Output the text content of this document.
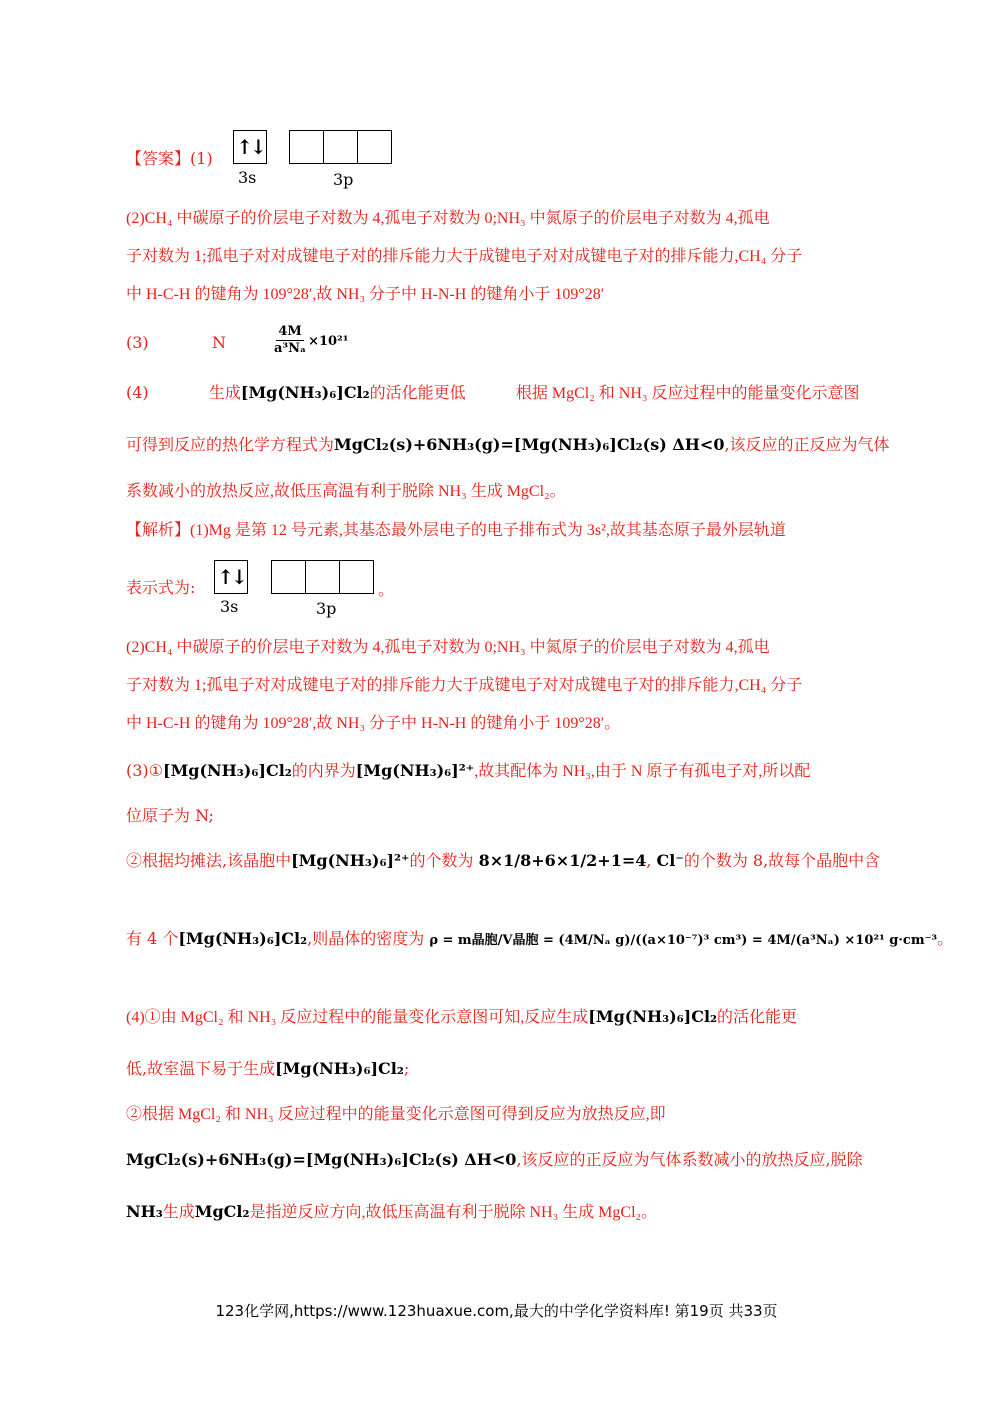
【答案】(1) ↑↓
3s	3p
(2)CH₄ 中碳原子的价层电子对数为 4,孤电子对数为 0;NH₃ 中氮原子的价层电子对数为 4,孤电
子对数为 1;孤电子对对成键电子对的排斥能力大于成键电子对对成键电子对的排斥能力,CH₄ 分子
中 H-C-H 的键角为 109°28′,故 NH₃ 分子中 H-N-H 的键角小于 109°28′
(3)	N	$\frac{4M}{\text{a³Nₐ}} \times 10^{21}$
(4)	生成[Mg(NH₃)₆]Cl₂的活化能更低	根据 MgCl₂ 和 NH₃ 反应过程中的能量变化示意图
可得到反应的热化学方程式为MgCl₂(s)+6NH₃(g)=[Mg(NH₃)₆]Cl₂(s) ΔH<0,该反应的正反应为气体
系数减小的放热反应,故低压高温有利于脱除 NH₃ 生成 MgCl₂。
【解析】(1)Mg 是第 12 号元素,其基态最外层电子的电子排布式为 3s²,故其基态原子最外层轨道
表示式为: ↑↓
。
3s	3p
(2)CH₄ 中碳原子的价层电子对数为 4,孤电子对数为 0;NH₃ 中氮原子的价层电子对数为 4,孤电
子对数为 1;孤电子对对成键电子对的排斥能力大于成键电子对对成键电子对的排斥能力,CH₄ 分子
中 H-C-H 的键角为 109°28′,故 NH₃ 分子中 H-N-H 的键角小于 109°28′。
(3)①[Mg(NH₃)₆]Cl₂的内界为[Mg(NH₃)₆]²⁺,故其配体为 NH₃,由于 N 原子有孤电子对,所以配
位原子为 N;
②根据均摊法,该晶胞中[Mg(NH₃)₆]²⁺的个数为 8×1/8+6×1/2+1=4, Cl⁻的个数为 8,故每个晶胞中含
有 4 个[Mg(NH₃)₆]Cl₂,则晶体的密度为 ρ = m晶胞/V晶胞 = (4M/Nₐ g)/((a×10⁻⁷)³ cm³) = 4M/(a³Nₐ) ×10²¹ g·cm⁻³。
(4)①由 MgCl₂ 和 NH₃ 反应过程中的能量变化示意图可知,反应生成[Mg(NH₃)₆]Cl₂的活化能更
低,故室温下易于生成[Mg(NH₃)₆]Cl₂;
②根据 MgCl₂ 和 NH₃ 反应过程中的能量变化示意图可得到反应为放热反应,即
MgCl₂(s)+6NH₃(g)=[Mg(NH₃)₆]Cl₂(s) ΔH<0,该反应的正反应为气体系数减小的放热反应,脱除
NH₃生成MgCl₂是指逆反应方向,故低压高温有利于脱除 NH₃ 生成 MgCl₂。
123化学网,https://www.123huaxue.com,最大的中学化学资料库! 第19页 共33页
